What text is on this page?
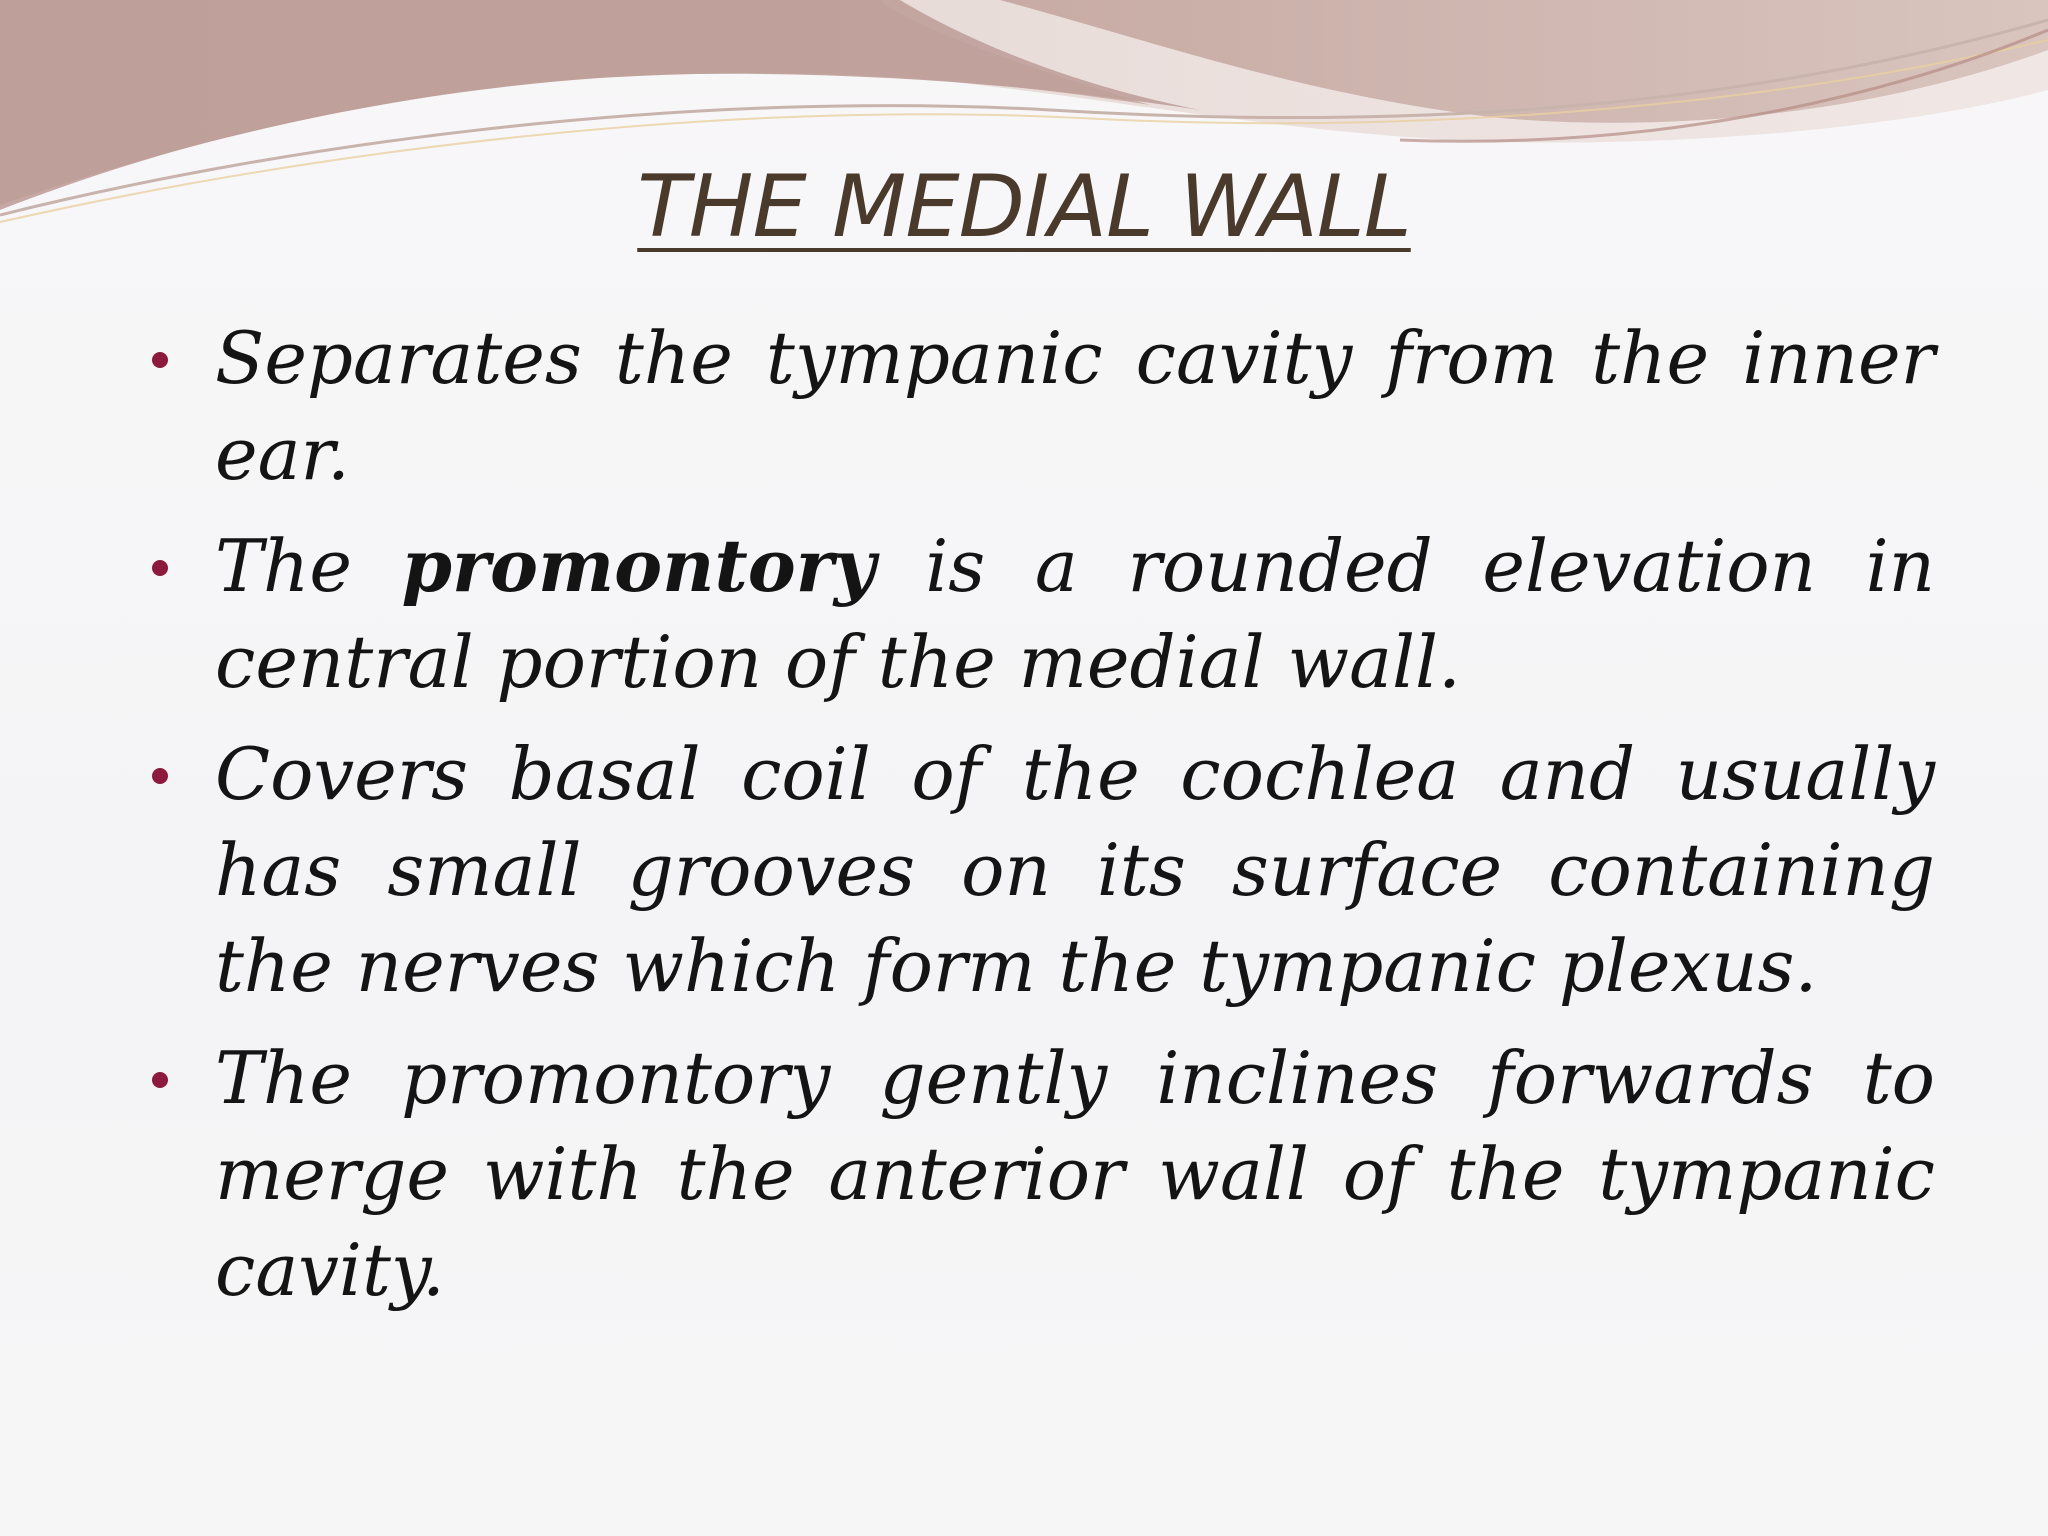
THE MEDIAL WALL
Separates the tympanic cavity from the inner ear.
The promontory is a rounded elevation in central portion of the medial wall.
Covers basal coil of the cochlea and usually has small grooves on its surface containing the nerves which form the tympanic plexus.
The promontory gently inclines forwards to merge with the anterior wall of the tympanic cavity.
